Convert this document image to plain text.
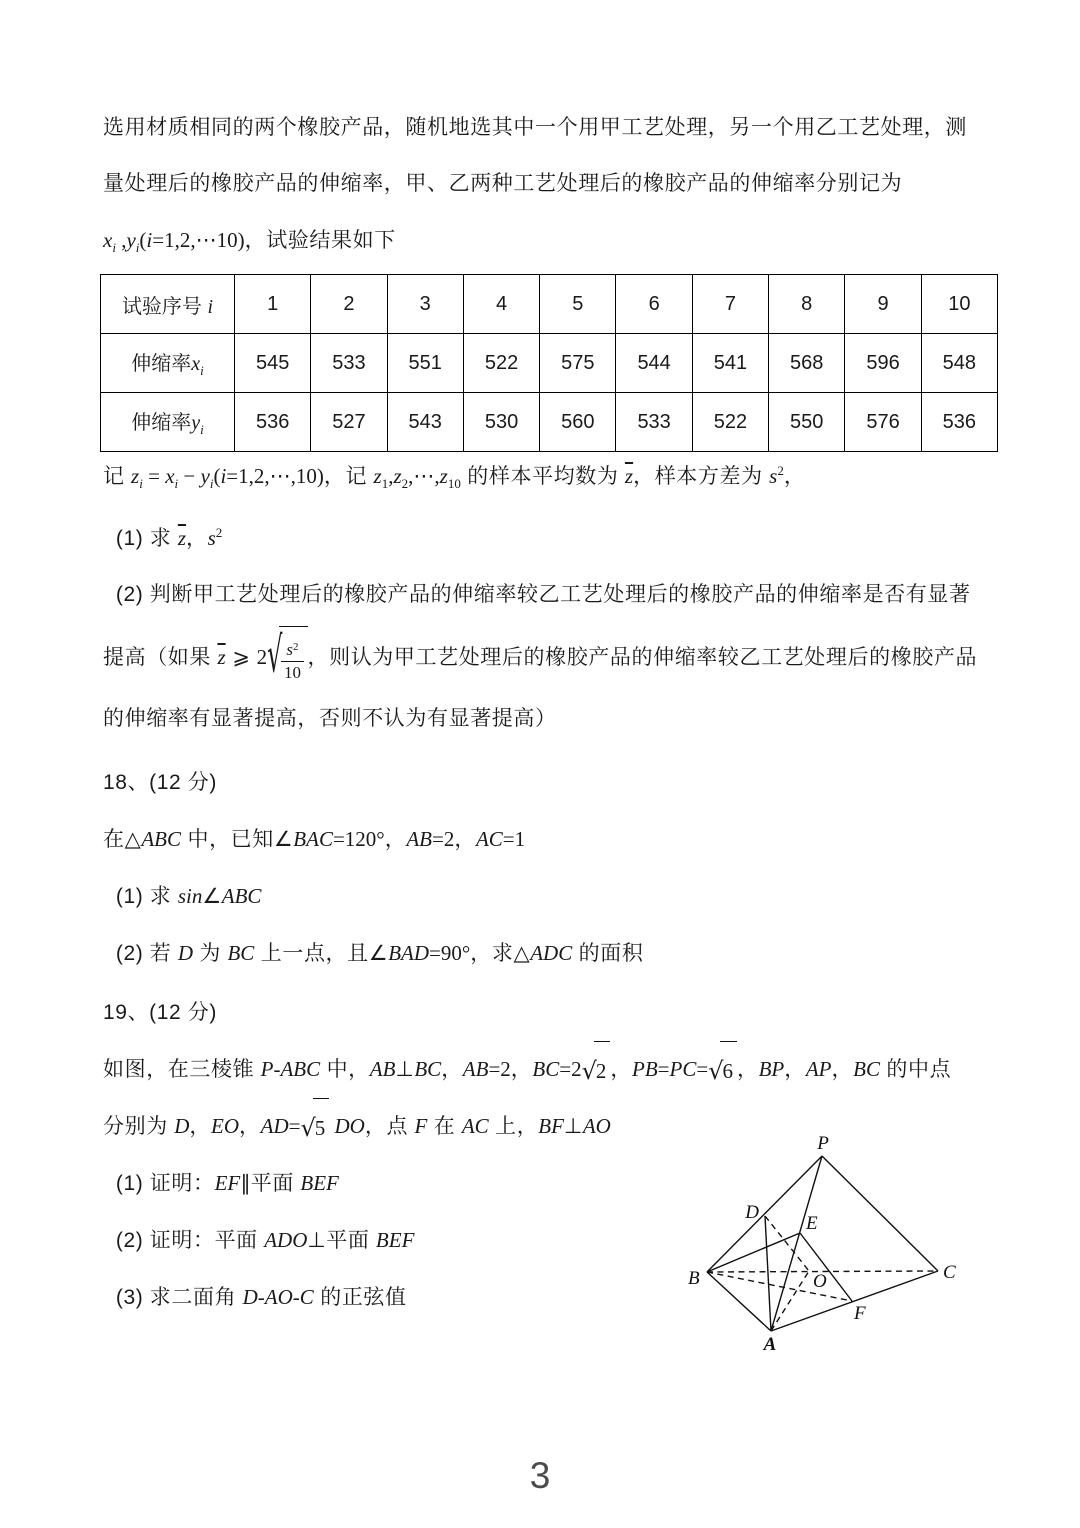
选用材质相同的两个橡胶产品，随机地选其中一个用甲工艺处理，另一个用乙工艺处理，测
量处理后的橡胶产品的伸缩率，甲、乙两种工艺处理后的橡胶产品的伸缩率分别记为
$x_i$ $,y_i(i=1,2,\cdots 10)$，试验结果如下
试验序号 i	1	2	3	4	5	6	7	8	9	10
伸缩率$x_i$	545	533	551	522	575	544	541	568	596	548
伸缩率$y_i$	536	527	543	530	560	533	522	550	576	536
记 $z_i = x_i$ − $y_i(i=1,2,\cdots,10)$，记 $z_1,z_2,\cdots,z_{10}$ 的样本平均数为 $\overline{z}$，样本方差为 $s^2$，
(1) 求 $\overline{z}$，$s^2$
(2) 判断甲工艺处理后的橡胶产品的伸缩率较乙工艺处理后的橡胶产品的伸缩率是否有显著
提高（如果 $\overline{z}$ ⩾ $2√ \frac{s^2}{10}$ ，则认为甲工艺处理后的橡胶产品的伸缩率较乙工艺处理后的橡胶产品
的伸缩率有显著提高，否则不认为有显著提高）
18、(12 分)
在△ABC 中，已知∠BAC=120°，AB=2，AC=1
(1) 求 sin∠ABC
(2) 若 D 为 BC 上一点，且∠BAD=90°，求△ADC 的面积
19、(12 分)
如图，在三棱锥 P-ABC 中，AB⊥BC，AB=2，BC=2√2 ，PB=PC=√6 ，BP，AP，BC 的中点
分别为 D，EO，AD=√5 DO，点 F 在 AC 上，BF⊥AO
(1) 证明：EF∥平面 BEF
(2) 证明：平面 ADO⊥平面 BEF
(3) 求二面角 D-AO-C 的正弦值
P
D
E
B	O	C
F
A
3
